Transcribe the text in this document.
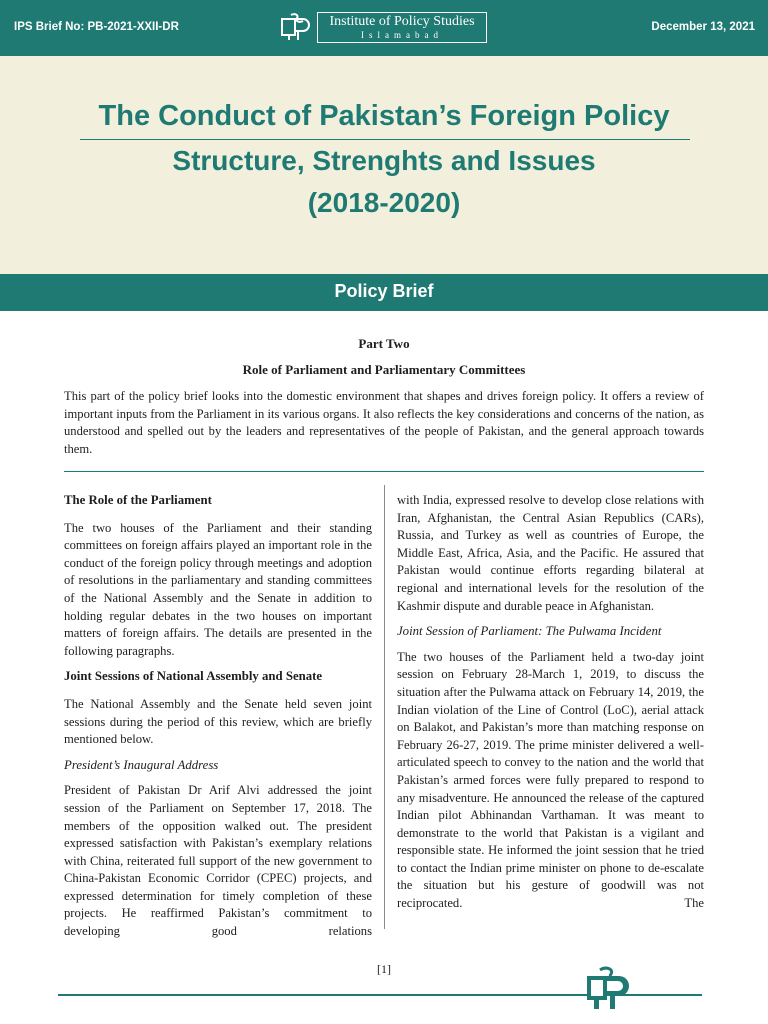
IPS Brief No: PB-2021-XXII-DR	Institute of Policy Studies
Islamabad
December 13, 2021
The Conduct of Pakistan’s Foreign Policy
Structure, Strenghts and Issues
(2018-2020)
Policy Brief
Part Two
Role of Parliament and Parliamentary Committees
This part of the policy brief looks into the domestic environment that shapes and drives foreign policy. It offers a review of important inputs from the Parliament in its various organs. It also reflects the key considerations and concerns of the nation, as understood and spelled out by the leaders and representatives of the people of Pakistan, and the general approach towards them.
The Role of the Parliament

The two houses of the Parliament and their standing committees on foreign affairs played an important role in the conduct of the foreign policy through meetings and adoption of resolutions in the parliamentary and standing committees of the National Assembly and the Senate in addition to holding regular debates in the two houses on important matters of foreign affairs. The details are presented in the following paragraphs.

Joint Sessions of National Assembly and Senate

The National Assembly and the Senate held seven joint sessions during the period of this review, which are briefly mentioned below.

President’s Inaugural Address

President of Pakistan Dr Arif Alvi addressed the joint session of the Parliament on September 17, 2018. The members of the opposition walked out. The president expressed satisfaction with Pakistan’s exemplary relations with China, reiterated full support of the new government to China-Pakistan Economic Corridor (CPEC) projects, and expressed determination for timely completion of these projects. He reaffirmed Pakistan’s commitment to developing good relations

with India, expressed resolve to develop close relations with Iran, Afghanistan, the Central Asian Republics (CARs), Russia, and Turkey as well as countries of Europe, the Middle East, Africa, Asia, and the Pacific. He assured that Pakistan would continue efforts regarding bilateral at regional and international levels for the resolution of the Kashmir dispute and durable peace in Afghanistan.

Joint Session of Parliament: The Pulwama Incident

The two houses of the Parliament held a two-day joint session on February 28-March 1, 2019, to discuss the situation after the Pulwama attack on February 14, 2019, the Indian violation of the Line of Control (LoC), aerial attack on Balakot, and Pakistan’s more than matching response on February 26-27, 2019. The prime minister delivered a well-articulated speech to convey to the nation and the world that Pakistan’s armed forces were fully prepared to respond to any misadventure. He announced the release of the captured Indian pilot Abhinandan Varthaman. It was meant to demonstrate to the world that Pakistan is a vigilant and responsible state. He informed the joint session that he tried to contact the Indian prime minister on phone to de-escalate the situation but his gesture of goodwill was not reciprocated. The

[1]
